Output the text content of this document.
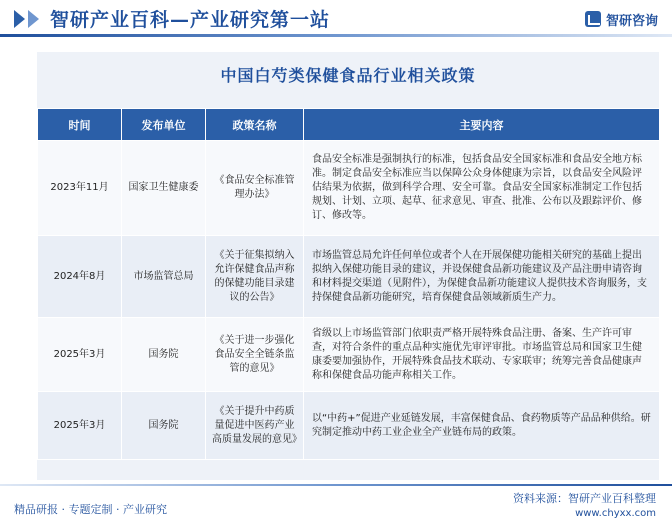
智研产业百科—产业研究第一站	智研咨询
中国白芍类保健食品行业相关政策
时间	发布单位	政策名称	主要内容
2023年11月	国家卫生健康委	《食品安全标准管理办法》	食品安全标准是强制执行的标准，包括食品安全国家标准和食品安全地方标准。制定食品安全标准应当以保障公众身体健康为宗旨，以食品安全风险评估结果为依据，做到科学合理、安全可靠。食品安全国家标准制定工作包括规划、计划、立项、起草、征求意见、审查、批准、公布以及跟踪评价、修订、修改等。
2024年8月	市场监管总局	《关于征集拟纳入允许保健食品声称的保健功能目录建议的公告》	市场监管总局允许任何单位或者个人在开展保健功能相关研究的基础上提出拟纳入保健功能目录的建议，并设保健食品新功能建议及产品注册申请咨询和材料提交渠道（见附件），为保健食品新功能建议人提供技术咨询服务，支持保健食品新功能研究，培育保健食品领域新质生产力。
2025年3月	国务院	《关于进一步强化食品安全全链条监管的意见》	省级以上市场监管部门依职责严格开展特殊食品注册、备案、生产许可审查，对符合条件的重点品种实施优先审评审批。市场监管总局和国家卫生健康委要加强协作，开展特殊食品技术联动、专家联审；统筹完善食品健康声称和保健食品功能声称相关工作。
2025年3月	国务院	《关于提升中药质量促进中医药产业高质量发展的意见》	以“中药+”促进产业延链发展，丰富保健食品、食药物质等产品品种供给。研究制定推动中药工业企业全产业链布局的政策。
精品研报 · 专题定制 · 产业研究
资料来源：智研产业百科整理
www.chyxx.com
